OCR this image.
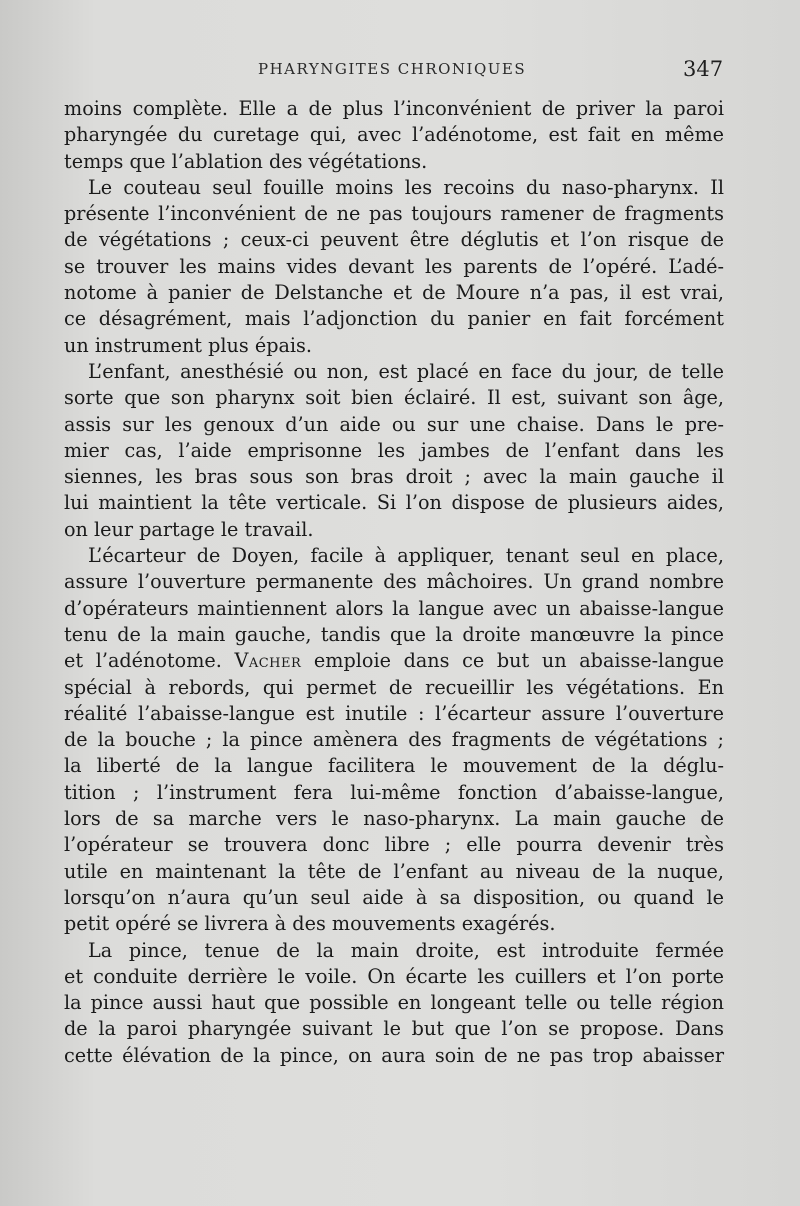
PHARYNGITES CHRONIQUES	347
moins complète. Elle a de plus l’inconvénient de priver la paroi
pharyngée du curetage qui, avec l’adénotome, est fait en même
temps que l’ablation des végétations.
Le couteau seul fouille moins les recoins du naso-pharynx. Il
présente l’inconvénient de ne pas toujours ramener de fragments
de végétations ; ceux-ci peuvent être déglutis et l’on risque de
se trouver les mains vides devant les parents de l’opéré. L’adé-
notome à panier de Delstanche et de Moure n’a pas, il est vrai,
ce désagrément, mais l’adjonction du panier en fait forcément
un instrument plus épais.
L’enfant, anesthésié ou non, est placé en face du jour, de telle
sorte que son pharynx soit bien éclairé. Il est, suivant son âge,
assis sur les genoux d’un aide ou sur une chaise. Dans le pre-
mier cas, l’aide emprisonne les jambes de l’enfant dans les
siennes, les bras sous son bras droit ; avec la main gauche il
lui maintient la tête verticale. Si l’on dispose de plusieurs aides,
on leur partage le travail.
L’écarteur de Doyen, facile à appliquer, tenant seul en place,
assure l’ouverture permanente des mâchoires. Un grand nombre
d’opérateurs maintiennent alors la langue avec un abaisse-langue
tenu de la main gauche, tandis que la droite manœuvre la pince
et l’adénotome. Vacher emploie dans ce but un abaisse-langue
spécial à rebords, qui permet de recueillir les végétations. En
réalité l’abaisse-langue est inutile : l’écarteur assure l’ouverture
de la bouche ; la pince amènera des fragments de végétations ;
la liberté de la langue facilitera le mouvement de la déglu-
tition ; l’instrument fera lui-même fonction d’abaisse-langue,
lors de sa marche vers le naso-pharynx. La main gauche de
l’opérateur se trouvera donc libre ; elle pourra devenir très
utile en maintenant la tête de l’enfant au niveau de la nuque,
lorsqu’on n’aura qu’un seul aide à sa disposition, ou quand le
petit opéré se livrera à des mouvements exagérés.
La pince, tenue de la main droite, est introduite fermée
et conduite derrière le voile. On écarte les cuillers et l’on porte
la pince aussi haut que possible en longeant telle ou telle région
de la paroi pharyngée suivant le but que l’on se propose. Dans
cette élévation de la pince, on aura soin de ne pas trop abaisser
